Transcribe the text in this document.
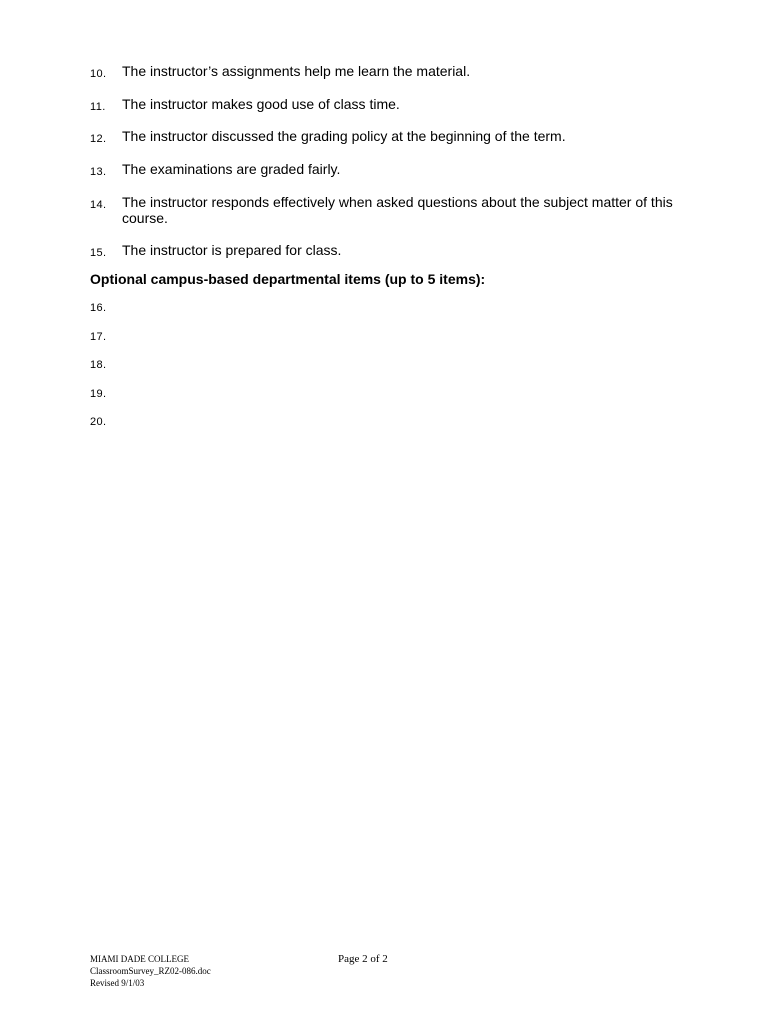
10. The instructor’s assignments help me learn the material.
11. The instructor makes good use of class time.
12. The instructor discussed the grading policy at the beginning of the term.
13. The examinations are graded fairly.
14. The instructor responds effectively when asked questions about the subject matter of this course.
15. The instructor is prepared for class.
Optional campus-based departmental items (up to 5 items):
16.
17.
18.
19.
20.
MIAMI DADE COLLEGE
ClassroomSurvey_RZ02-086.doc
Revised 9/1/03
Page 2 of 2
